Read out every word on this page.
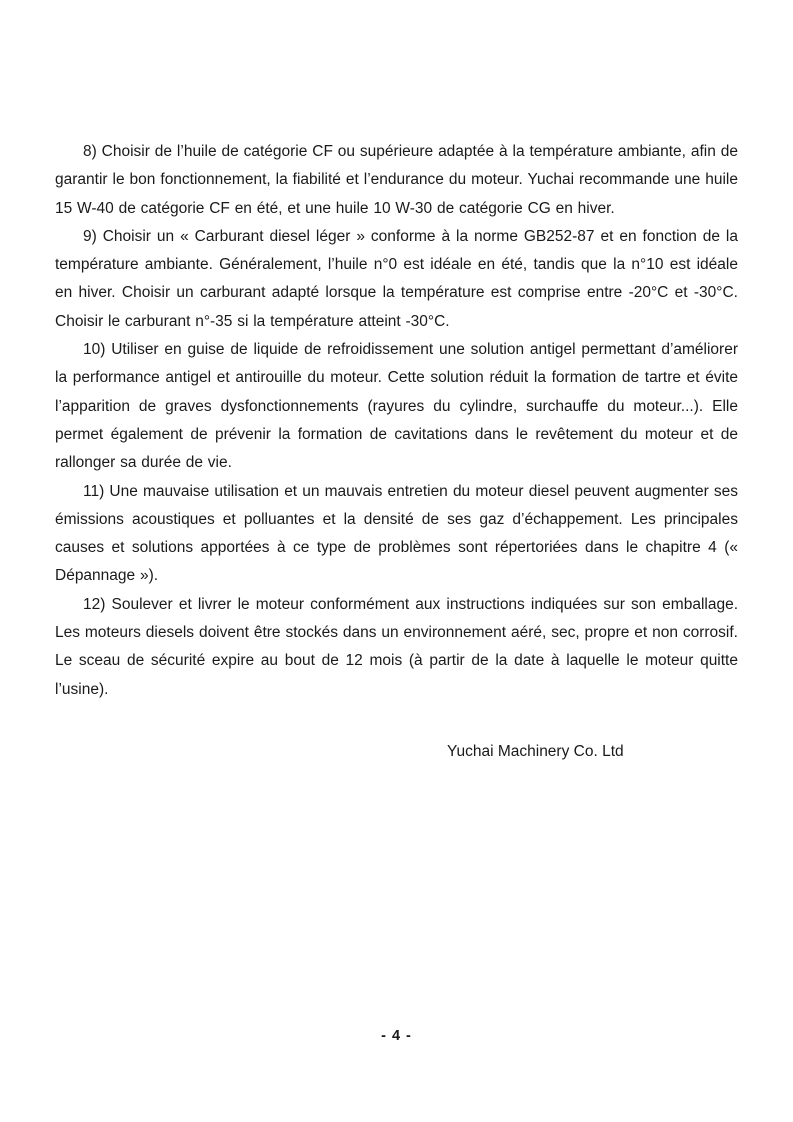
8) Choisir de l’huile de catégorie CF ou supérieure adaptée à la température ambiante, afin de garantir le bon fonctionnement, la fiabilité et l’endurance du moteur. Yuchai recommande une huile 15 W-40 de catégorie CF en été, et une huile 10 W-30 de catégorie CG en hiver.

9) Choisir un « Carburant diesel léger » conforme à la norme GB252-87 et en fonction de la température ambiante. Généralement, l’huile n°0 est idéale en été, tandis que la n°10 est idéale en hiver. Choisir un carburant adapté lorsque la température est comprise entre -20°C et -30°C. Choisir le carburant n°-35 si la température atteint -30°C.

10) Utiliser en guise de liquide de refroidissement une solution antigel permettant d’améliorer la performance antigel et antirouille du moteur. Cette solution réduit la formation de tartre et évite l’apparition de graves dysfonctionnements (rayures du cylindre, surchauffe du moteur...). Elle permet également de prévenir la formation de cavitations dans le revêtement du moteur et de rallonger sa durée de vie.

11) Une mauvaise utilisation et un mauvais entretien du moteur diesel peuvent augmenter ses émissions acoustiques et polluantes et la densité de ses gaz d’échappement. Les principales causes et solutions apportées à ce type de problèmes sont répertoriées dans le chapitre 4 (« Dépannage »).

12) Soulever et livrer le moteur conformément aux instructions indiquées sur son emballage. Les moteurs diesels doivent être stockés dans un environnement aéré, sec, propre et non corrosif. Le sceau de sécurité expire au bout de 12 mois (à partir de la date à laquelle le moteur quitte l’usine).

Yuchai Machinery Co. Ltd
- 4 -
